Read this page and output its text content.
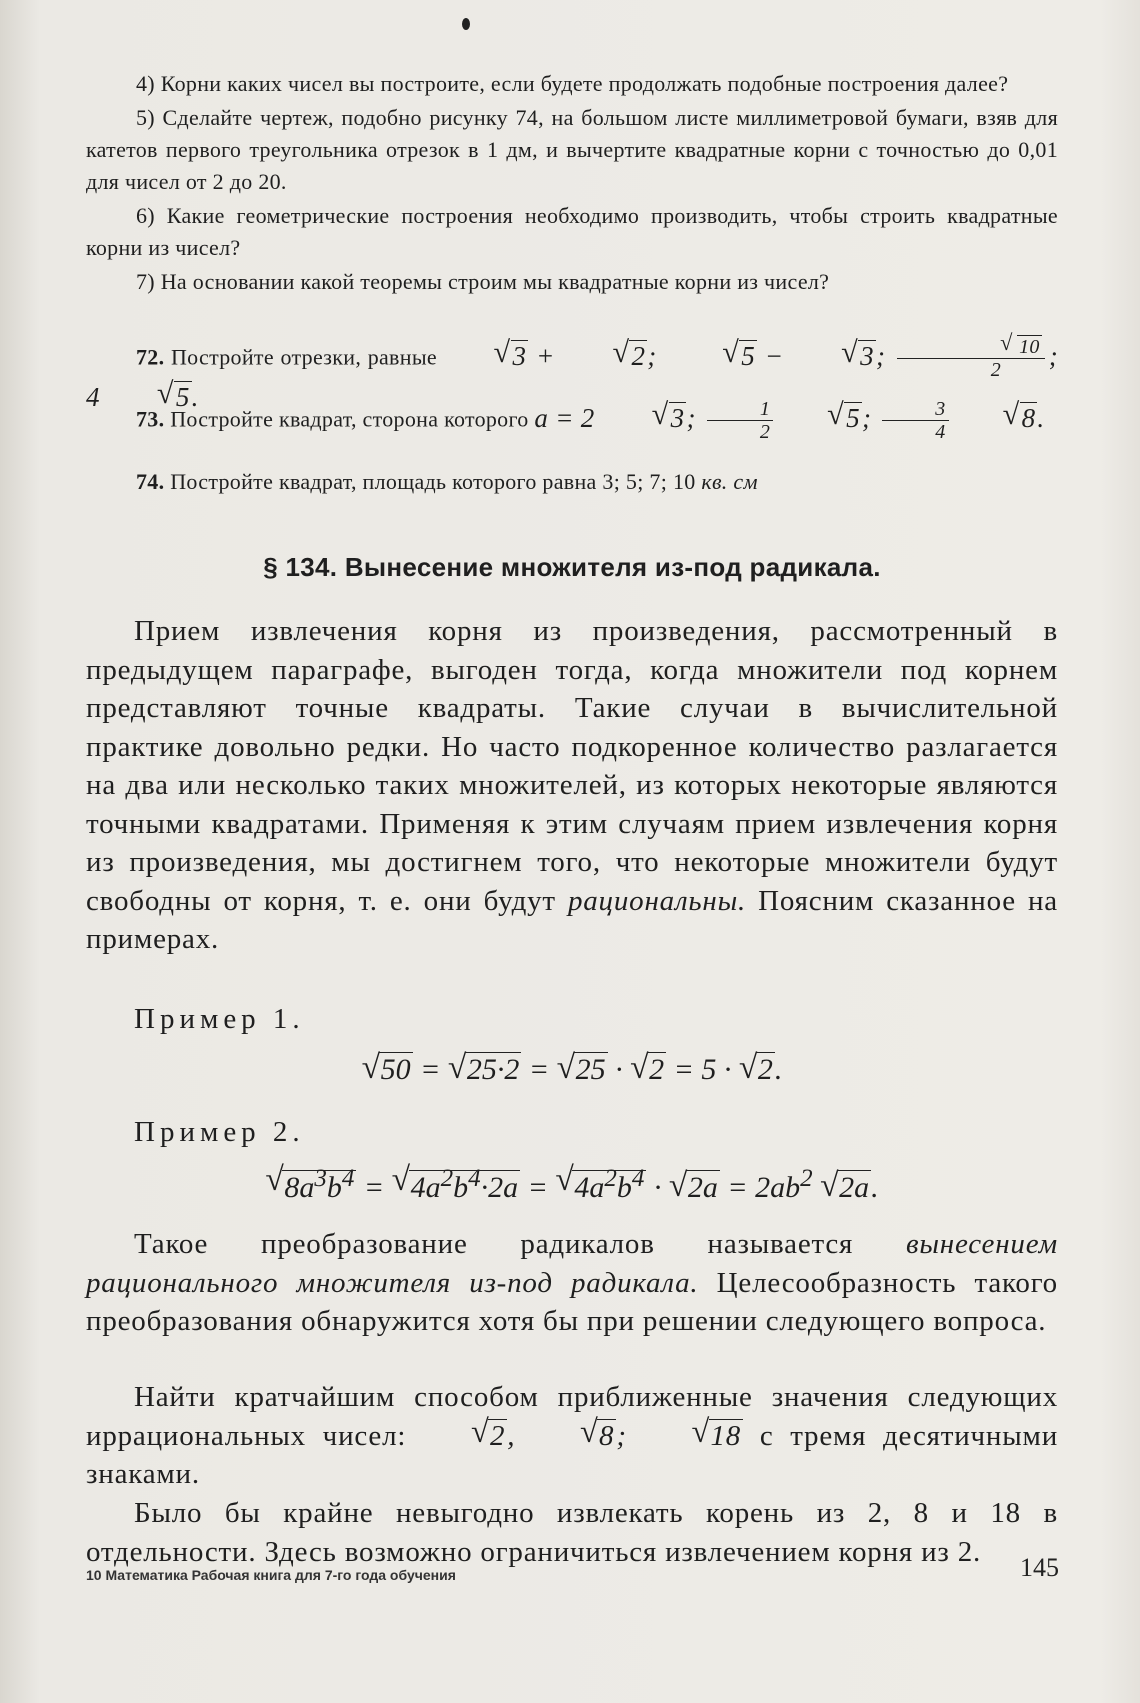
4) Корни каких чисел вы построите, если будете продолжать подобные построения далее?

5) Сделайте чертеж, подобно рисунку 74, на большом листе миллиметровой бумаги, взяв для катетов первого треугольника отрезок в 1 дм, и вычертите квадратные корни с точностью до 0,01 для чисел от 2 до 20.

6) Какие геометрические построения необходимо производить, чтобы строить квадратные корни из чисел?

7) На основании какой теоремы строим мы квадратные корни из чисел?

72. Постройте отрезки, равные	√ 3 +	√ 2;	√ 5 −	√ 3; √ $\frac{10}{2}$ ; 4	√ 5.

73. Постройте квадрат, сторона которого a = 2	√ 3; $\frac{1}{2}$	√ 5; $\frac{3}{4}$	√ 8.

74. Постройте квадрат, площадь которого равна 3; 5; 7; 10 кв. см

§ 134. Вынесение множителя из-под радикала.

Прием извлечения корня из произведения, рассмотренный в предыдущем параграфе, выгоден тогда, когда множители под корнем представляют точные квадраты. Такие случаи в вычислительной практике довольно редки. Но часто подкоренное количество разлагается на два или несколько таких множителей, из которых некоторые являются точными квадратами. Применяя к этим случаям прием извлечения корня из произведения, мы достигнем того, что некоторые множители будут свободны от корня, т. е. они будут рациональны. Поясним сказанное на примерах.

Пример 1.

√ 50 = √ 25·2 = √ 25 · √ 2 = 5 · √ 2.

Пример 2.

√ $8a^3b^4$ = √ $4a^2b^4\cdot 2a$ = √ $4a^2b^4$ · √ $2a = 2ab^2$ √ 2a.

Такое преобразование радикалов называется вынесением рационального множителя из-под радикала. Целесообразность такого преобразования обнаружится хотя бы при решении следующего вопроса.

Найти кратчайшим способом приближенные значения следующих иррациональных чисел:	√ 2, √ 8; √ 18 с тремя десятичными знаками.

Было бы крайне невыгодно извлекать корень из 2, 8 и 18 в отдельности. Здесь возможно ограничиться извлечением корня из 2.

10 Математика Рабочая книга для 7-го года обучения	145
